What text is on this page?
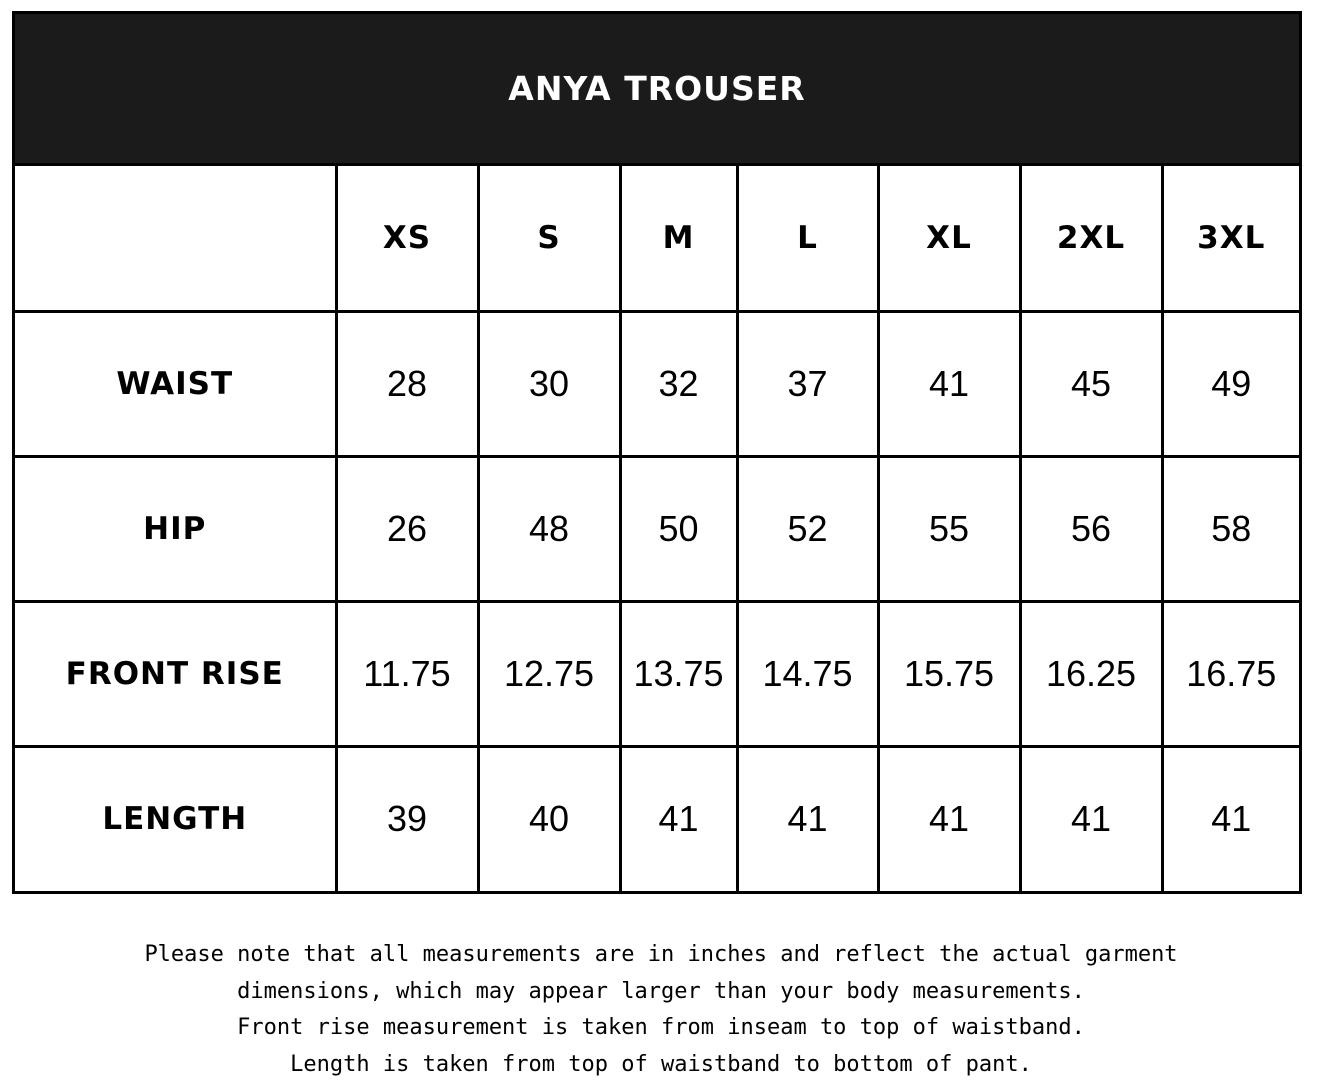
ANYA TROUSER
	XS	S	M	L	XL	2XL	3XL
WAIST	28	30	32	37	41	45	49
HIP	26	48	50	52	55	56	58
FRONT RISE	11.75	12.75	13.75	14.75	15.75	16.25	16.75
LENGTH	39	40	41	41	41	41	41
Please note that all measurements are in inches and reflect the actual garment
dimensions, which may appear larger than your body measurements.
Front rise measurement is taken from inseam to top of waistband.
Length is taken from top of waistband to bottom of pant.
